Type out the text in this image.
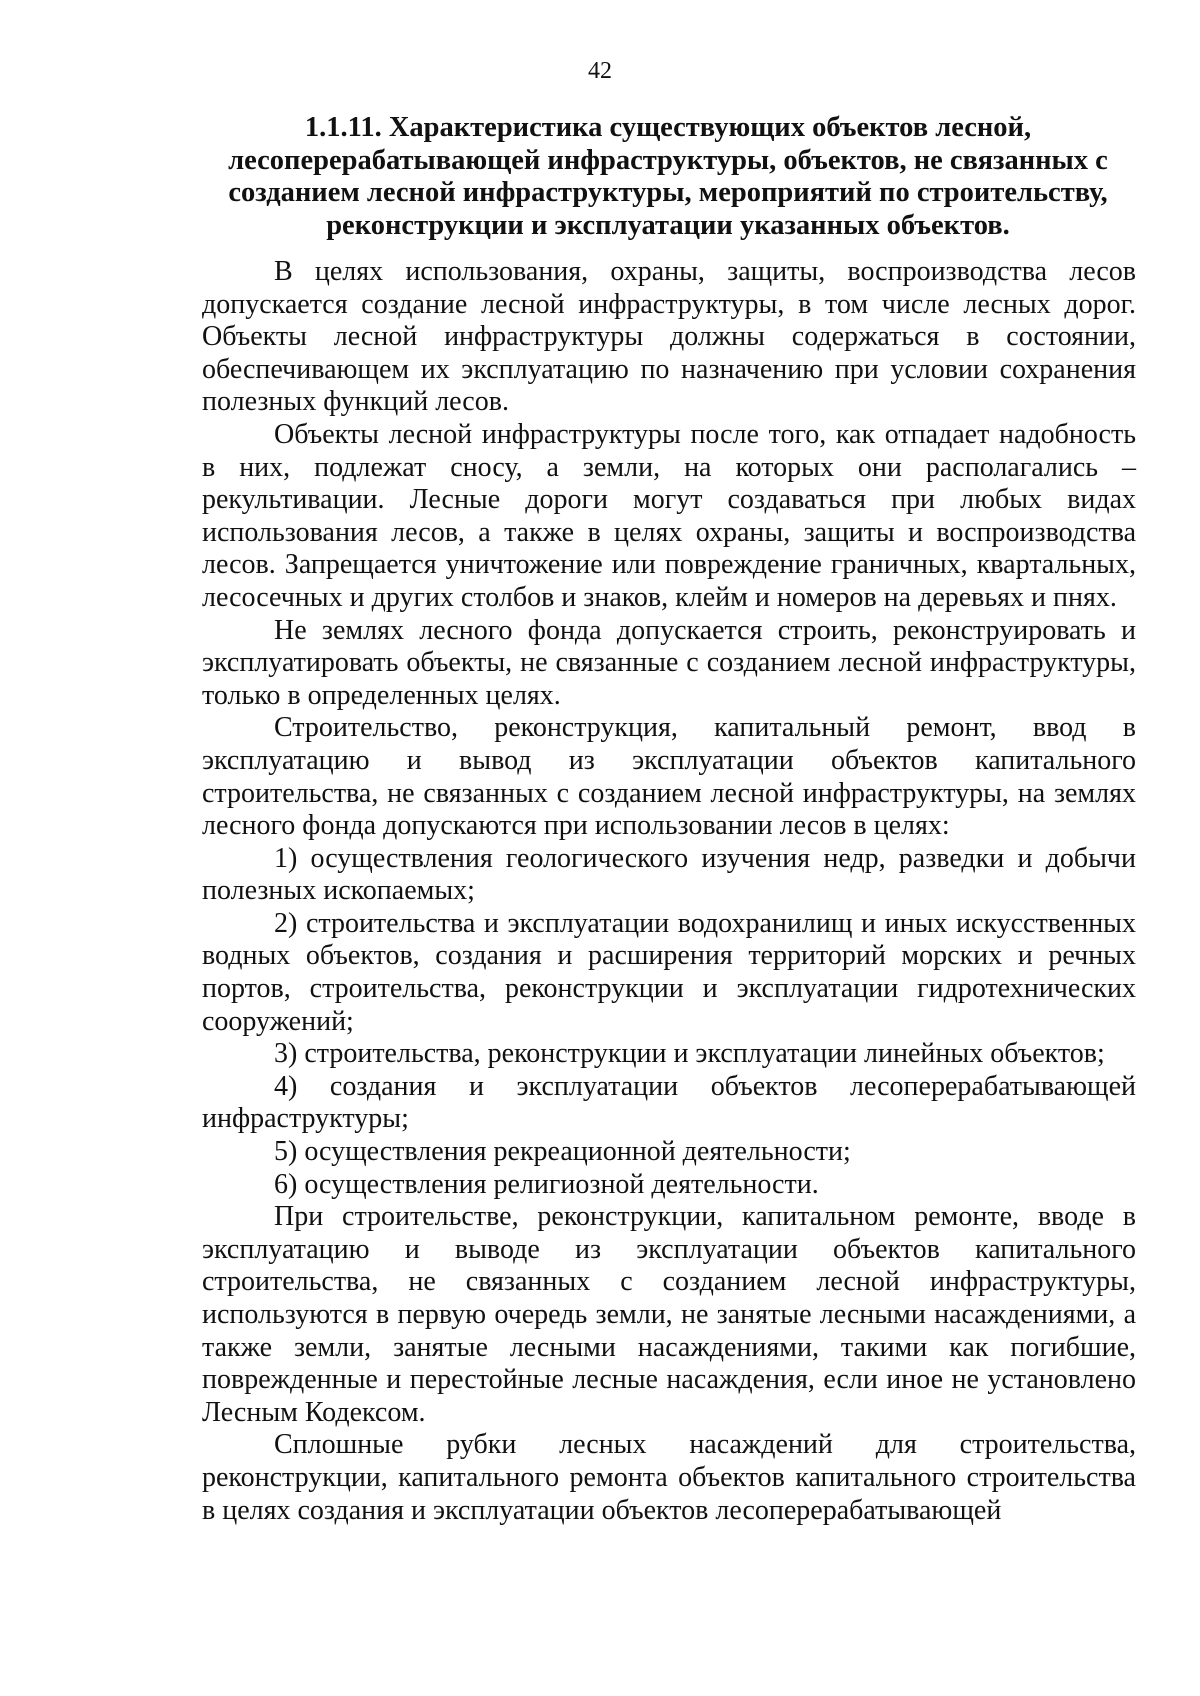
42
1.1.11. Характеристика существующих объектов лесной, лесоперерабатывающей инфраструктуры, объектов, не связанных с созданием лесной инфраструктуры, мероприятий по строительству, реконструкции и эксплуатации указанных объектов.

В целях использования, охраны, защиты, воспроизводства лесов допускается создание лесной инфраструктуры, в том числе лесных дорог. Объекты лесной инфраструктуры должны содержаться в состоянии, обеспечивающем их эксплуатацию по назначению при условии сохранения полезных функций лесов.

Объекты лесной инфраструктуры после того, как отпадает надобность в них, подлежат сносу, а земли, на которых они располагались – рекультивации. Лесные дороги могут создаваться при любых видах использования лесов, а также в целях охраны, защиты и воспроизводства лесов. Запрещается уничтожение или повреждение граничных, квартальных, лесосечных и других столбов и знаков, клейм и номеров на деревьях и пнях.

Не землях лесного фонда допускается строить, реконструировать и эксплуатировать объекты, не связанные с созданием лесной инфраструктуры, только в определенных целях.

Строительство, реконструкция, капитальный ремонт, ввод в эксплуатацию и вывод из эксплуатации объектов капитального строительства, не связанных с созданием лесной инфраструктуры, на землях лесного фонда допускаются при использовании лесов в целях:

1) осуществления геологического изучения недр, разведки и добычи полезных ископаемых;

2) строительства и эксплуатации водохранилищ и иных искусственных водных объектов, создания и расширения территорий морских и речных портов, строительства, реконструкции и эксплуатации гидротехнических сооружений;

3) строительства, реконструкции и эксплуатации линейных объектов;

4) создания и эксплуатации объектов лесоперерабатывающей инфраструктуры;

5) осуществления рекреационной деятельности;

6) осуществления религиозной деятельности.

При строительстве, реконструкции, капитальном ремонте, вводе в эксплуатацию и выводе из эксплуатации объектов капитального строительства, не связанных с созданием лесной инфраструктуры, используются в первую очередь земли, не занятые лесными насаждениями, а также земли, занятые лесными насаждениями, такими как погибшие, поврежденные и перестойные лесные насаждения, если иное не установлено Лесным Кодексом.

Сплошные рубки лесных насаждений для строительства, реконструкции, капитального ремонта объектов капитального строительства в целях создания и эксплуатации объектов лесоперерабатывающей
